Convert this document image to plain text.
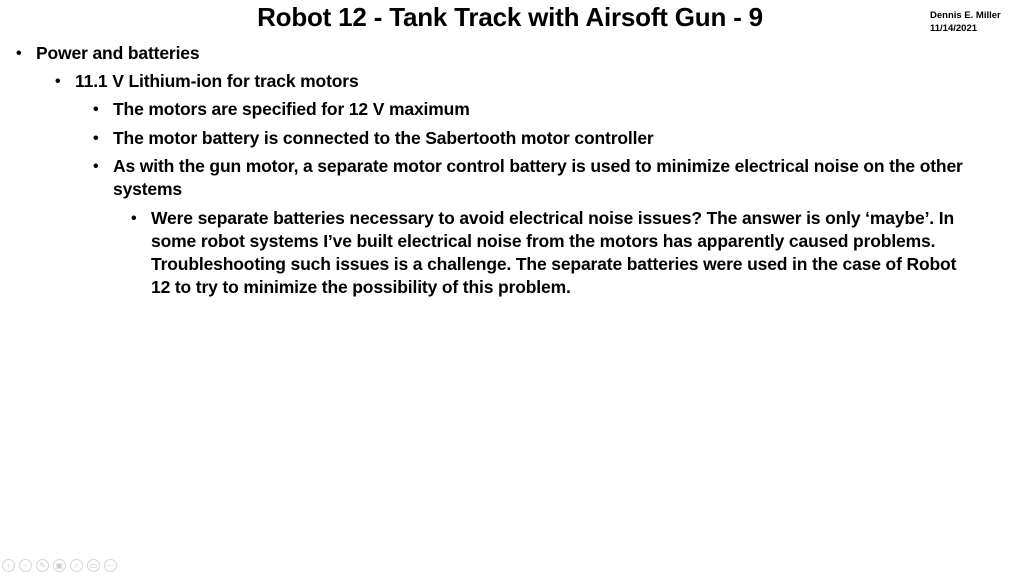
Robot 12 - Tank Track with Airsoft Gun - 9	Dennis E. Miller
11/14/2021
• Power and batteries
• 11.1 V Lithium-ion for track motors
• The motors are specified for 12 V maximum
• The motor battery is connected to the Sabertooth motor controller
• As with the gun motor, a separate motor control battery is used to minimize electrical noise on the other systems
• Were separate batteries necessary to avoid electrical noise issues? The answer is only ‘maybe’. In some robot systems I’ve built electrical noise from the motors has apparently caused problems. Troubleshooting such issues is a challenge. The separate batteries were used in the case of Robot 12 to try to minimize the possibility of this problem.
‹	›	✎	▣	⌕	▭	⋯
